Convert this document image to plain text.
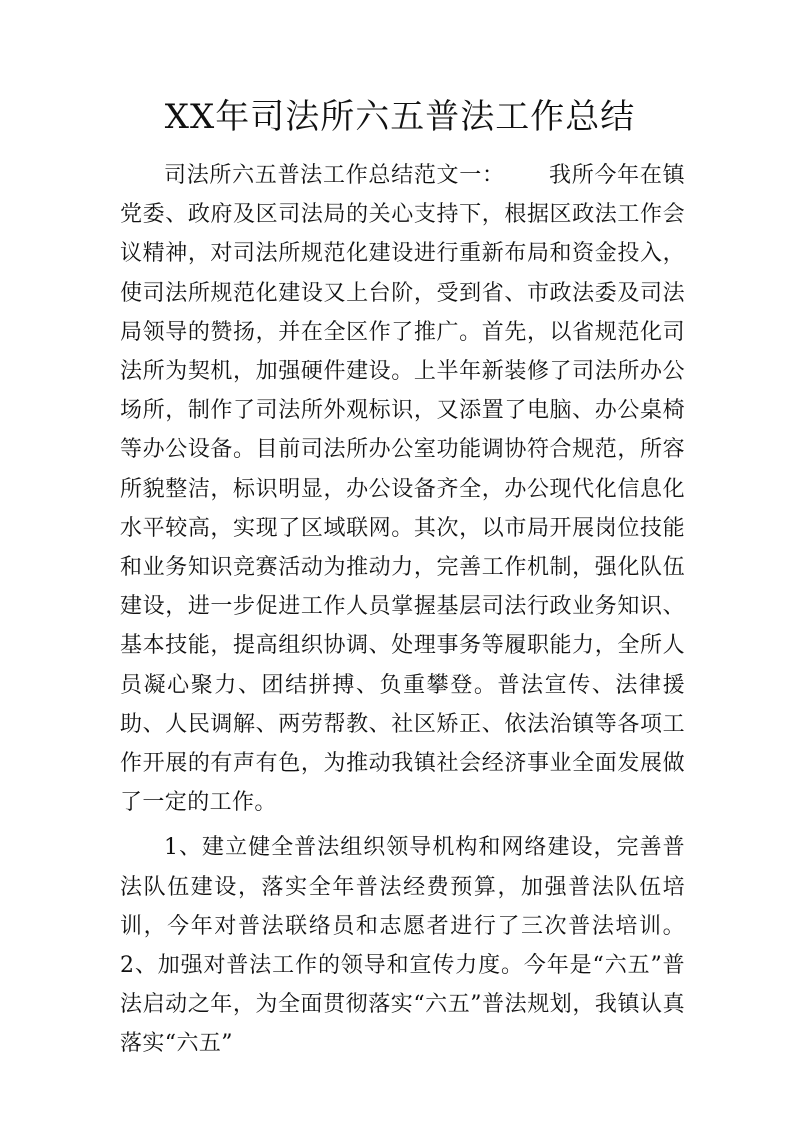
XX年司法所六五普法工作总结

司法所六五普法工作总结范文一： 我所今年在镇党委、政府及区司法局的关心支持下，根据区政法工作会议精神，对司法所规范化建设进行重新布局和资金投入，使司法所规范化建设又上台阶，受到省、市政法委及司法局领导的赞扬，并在全区作了推广。首先，以省规范化司法所为契机，加强硬件建设。上半年新装修了司法所办公场所，制作了司法所外观标识，又添置了电脑、办公桌椅等办公设备。目前司法所办公室功能调协符合规范，所容所貌整洁，标识明显，办公设备齐全，办公现代化信息化水平较高，实现了区域联网。其次，以市局开展岗位技能和业务知识竞赛活动为推动力，完善工作机制，强化队伍建设，进一步促进工作人员掌握基层司法行政业务知识、基本技能，提高组织协调、处理事务等履职能力，全所人员凝心聚力、团结拼搏、负重攀登。普法宣传、法律援助、人民调解、两劳帮教、社区矫正、依法治镇等各项工作开展的有声有色，为推动我镇社会经济事业全面发展做了一定的工作。

1、建立健全普法组织领导机构和网络建设，完善普法队伍建设，落实全年普法经费预算，加强普法队伍培训，今年对普法联络员和志愿者进行了三次普法培训。2、加强对普法工作的领导和宣传力度。今年是“六五”普法启动之年，为全面贯彻落实“六五”普法规划，我镇认真落实“六五”
